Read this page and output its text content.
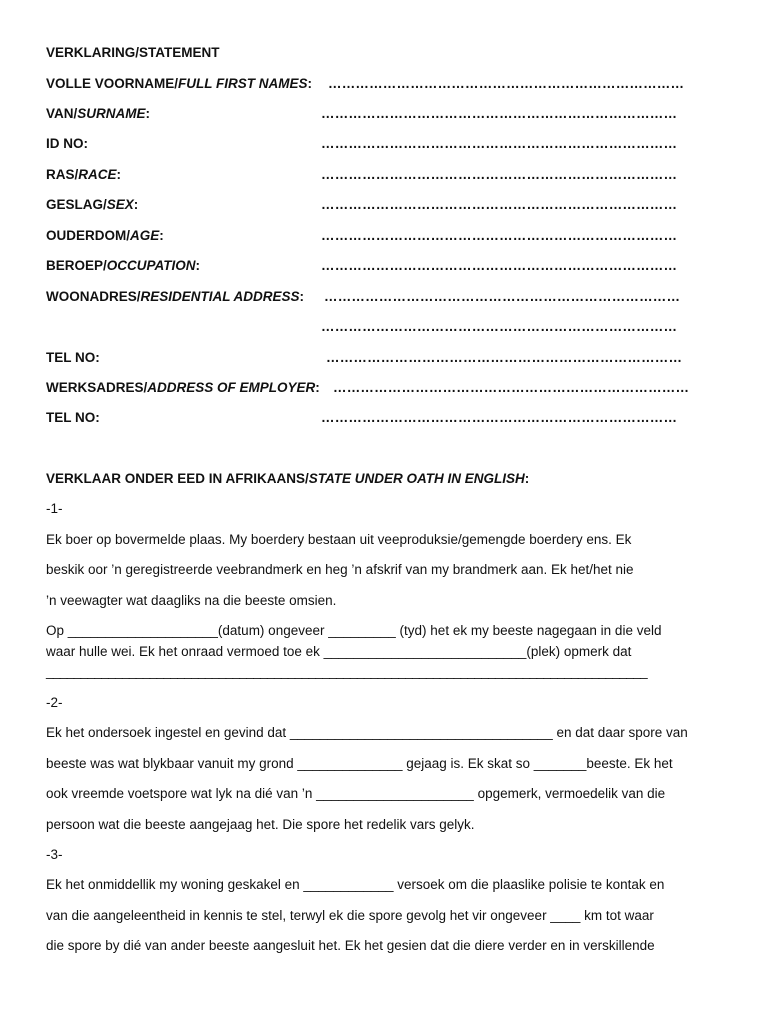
VERKLARING/STATEMENT
VOLLE VOORNAME/FULL FIRST NAMES: ……………………………………………………………………
VAN/SURNAME:	……………………………………………………………………
ID NO:	……………………………………………………………………
RAS/RACE:	……………………………………………………………………
GESLAG/SEX:	……………………………………………………………………
OUDERDOM/AGE:	……………………………………………………………………
BEROEP/OCCUPATION:	……………………………………………………………………
WOONADRES/RESIDENTIAL ADDRESS: ……………………………………………………………………
……………………………………………………………………
TEL NO:	……………………………………………………………………
WERKSADRES/ADDRESS OF EMPLOYER: ……………………………………………………………………
TEL NO:	……………………………………………………………………
VERKLAAR ONDER EED IN AFRIKAANS/STATE UNDER OATH IN ENGLISH:
-1-
Ek boer op bovermelde plaas. My boerdery bestaan uit veeproduksie/gemengde boerdery ens. Ek
beskik oor ’n geregistreerde veebrandmerk en heg ’n afskrif van my brandmerk aan. Ek het/het nie
’n veewagter wat daagliks na die beeste omsien.
Op ____________________(datum) ongeveer _________ (tyd) het ek my beeste nagegaan in die veld
waar hulle wei. Ek het onraad vermoed toe ek ___________________________(plek) opmerk dat
_______________________________________________________________________________________
-2-
Ek het ondersoek ingestel en gevind dat ___________________________________ en dat daar spore van
beeste was wat blykbaar vanuit my grond ______________ gejaag is. Ek skat so _______beeste. Ek het
ook vreemde voetspore wat lyk na dié van ’n _____________________ opgemerk, vermoedelik van die
persoon wat die beeste aangejaag het. Die spore het redelik vars gelyk.
-3-
Ek het onmiddellik my woning geskakel en ____________ versoek om die plaaslike polisie te kontak en
van die aangeleentheid in kennis te stel, terwyl ek die spore gevolg het vir ongeveer ____ km tot waar
die spore by dié van ander beeste aangesluit het. Ek het gesien dat die diere verder en in verskillende
